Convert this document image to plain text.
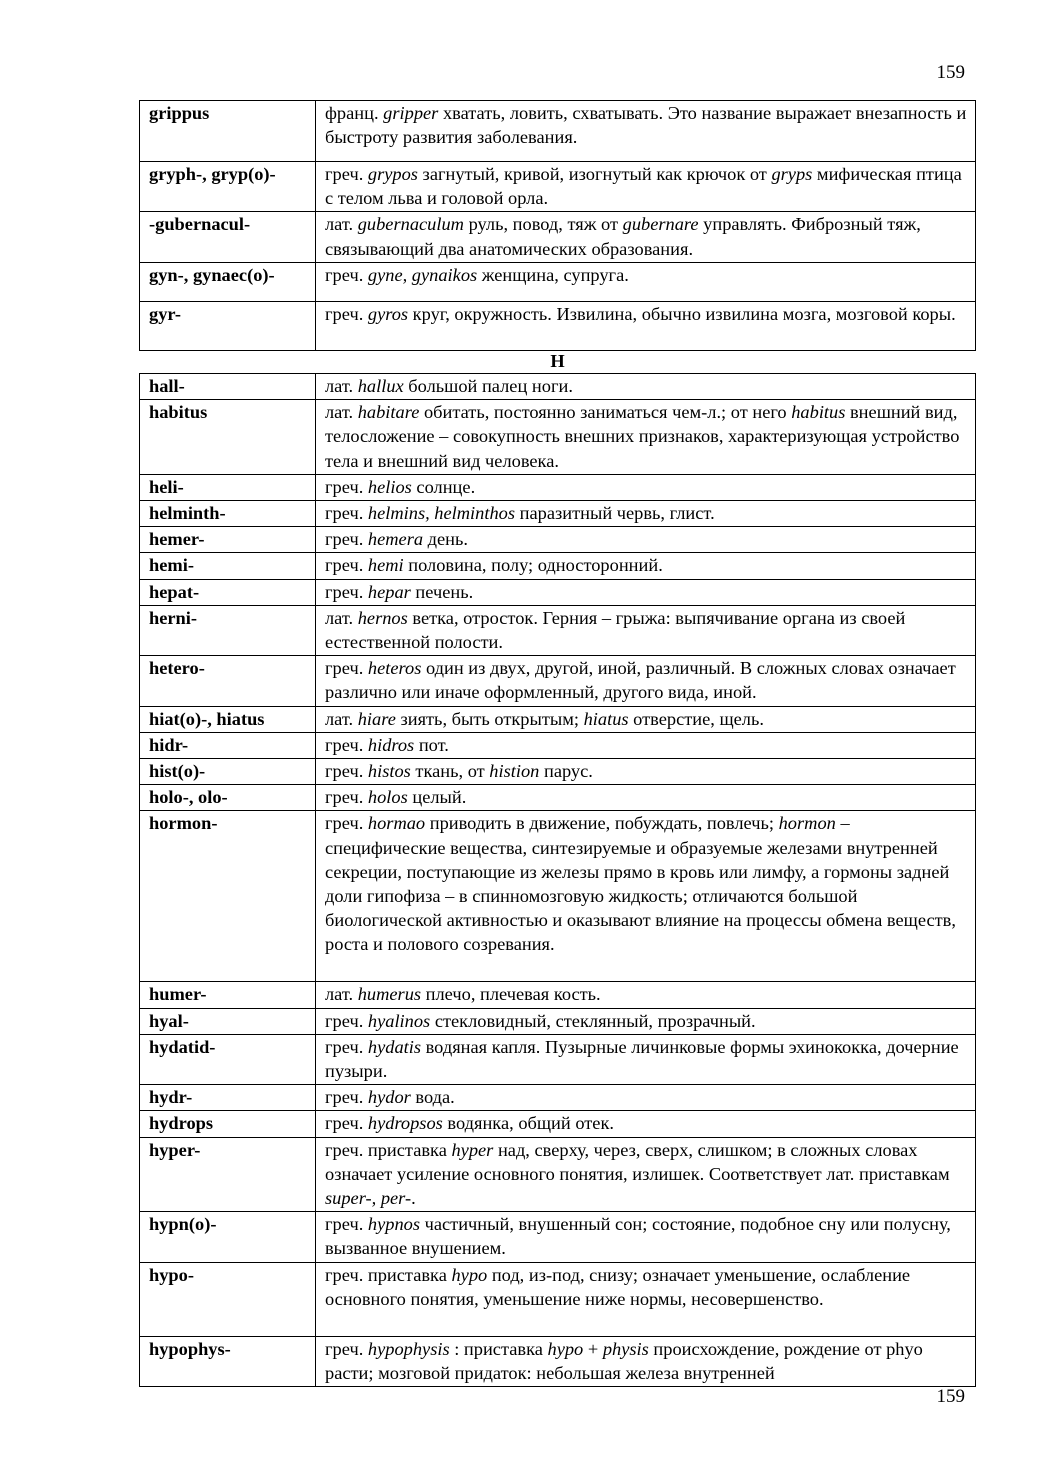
159
grippus	франц. gripper хватать, ловить, схватывать. Это название выражает внезапность и быстроту развития заболевания.
gryph-, gryp(o)-	греч. grypos загнутый, кривой, изогнутый как крючок от gryps мифическая птица с телом льва и головой орла.
-gubernacul-	лат. gubernaculum руль, повод, тяж от gubernare управлять. Фиброзный тяж, связывающий два анатомических образования.
gyn-, gynaec(o)-	греч. gyne, gynaikos женщина, супруга.
gyr-	греч. gyros круг, окружность. Извилина, обычно извилина мозга, мозговой коры.
H
hall-	лат. hallux большой палец ноги.
habitus	лат. habitare обитать, постоянно заниматься чем-л.; от него habitus внешний вид, телосложение – совокупность внешних признаков, характеризующая устройство тела и внешний вид человека.
heli-	греч. helios солнце.
helminth-	греч. helmins, helminthos паразитный червь, глист.
hemer-	греч. hemera день.
hemi-	греч. hemi половина, полу; односторонний.
hepat-	греч. hepar печень.
herni-	лат. hernos ветка, отросток. Герния – грыжа: выпячивание органа из своей естественной полости.
hetero-	греч. heteros один из двух, другой, иной, различный. В сложных словах означает различно или иначе оформленный, другого вида, иной.
hiat(o)-, hiatus	лат. hiare зиять, быть открытым; hiatus отверстие, щель.
hidr-	греч. hidros пот.
hist(o)-	греч. histos ткань, от histion парус.
holo-, olo-	греч. holos целый.
hormon-	греч. hormao приводить в движение, побуждать, повлечь; hormon – специфические вещества, синтезируемые и образуемые железами внутренней секреции, поступающие из железы прямо в кровь или лимфу, а гормоны задней доли гипофиза – в спинномозговую жидкость; отличаются большой биологической активностью и оказывают влияние на процессы обмена веществ, роста и полового созревания.
humer-	лат. humerus плечо, плечевая кость.
hyal-	греч. hyalinos стекловидный, стеклянный, прозрачный.
hydatid-	греч. hydatis водяная капля. Пузырные личинковые формы эхинококка, дочерние пузыри.
hydr-	греч. hydor вода.
hydrops	греч. hydropsos водянка, общий отек.
hyper-	греч. приставка hyper над, сверху, через, сверх, слишком; в сложных словах означает усиление основного понятия, излишек. Соответствует лат. приставкам super-, per-.
hypn(o)-	греч. hypnos частичный, внушенный сон; состояние, подобное сну или полусну, вызванное внушением.
hypo-	греч. приставка hypo под, из-под, снизу; означает уменьшение, ослабление основного понятия, уменьшение ниже нормы, несовершенство.
hypophys-	греч. hypophysis : приставка hypo + physis происхождение, рождение от phyo расти; мозговой придаток: небольшая железа внутренней
159
